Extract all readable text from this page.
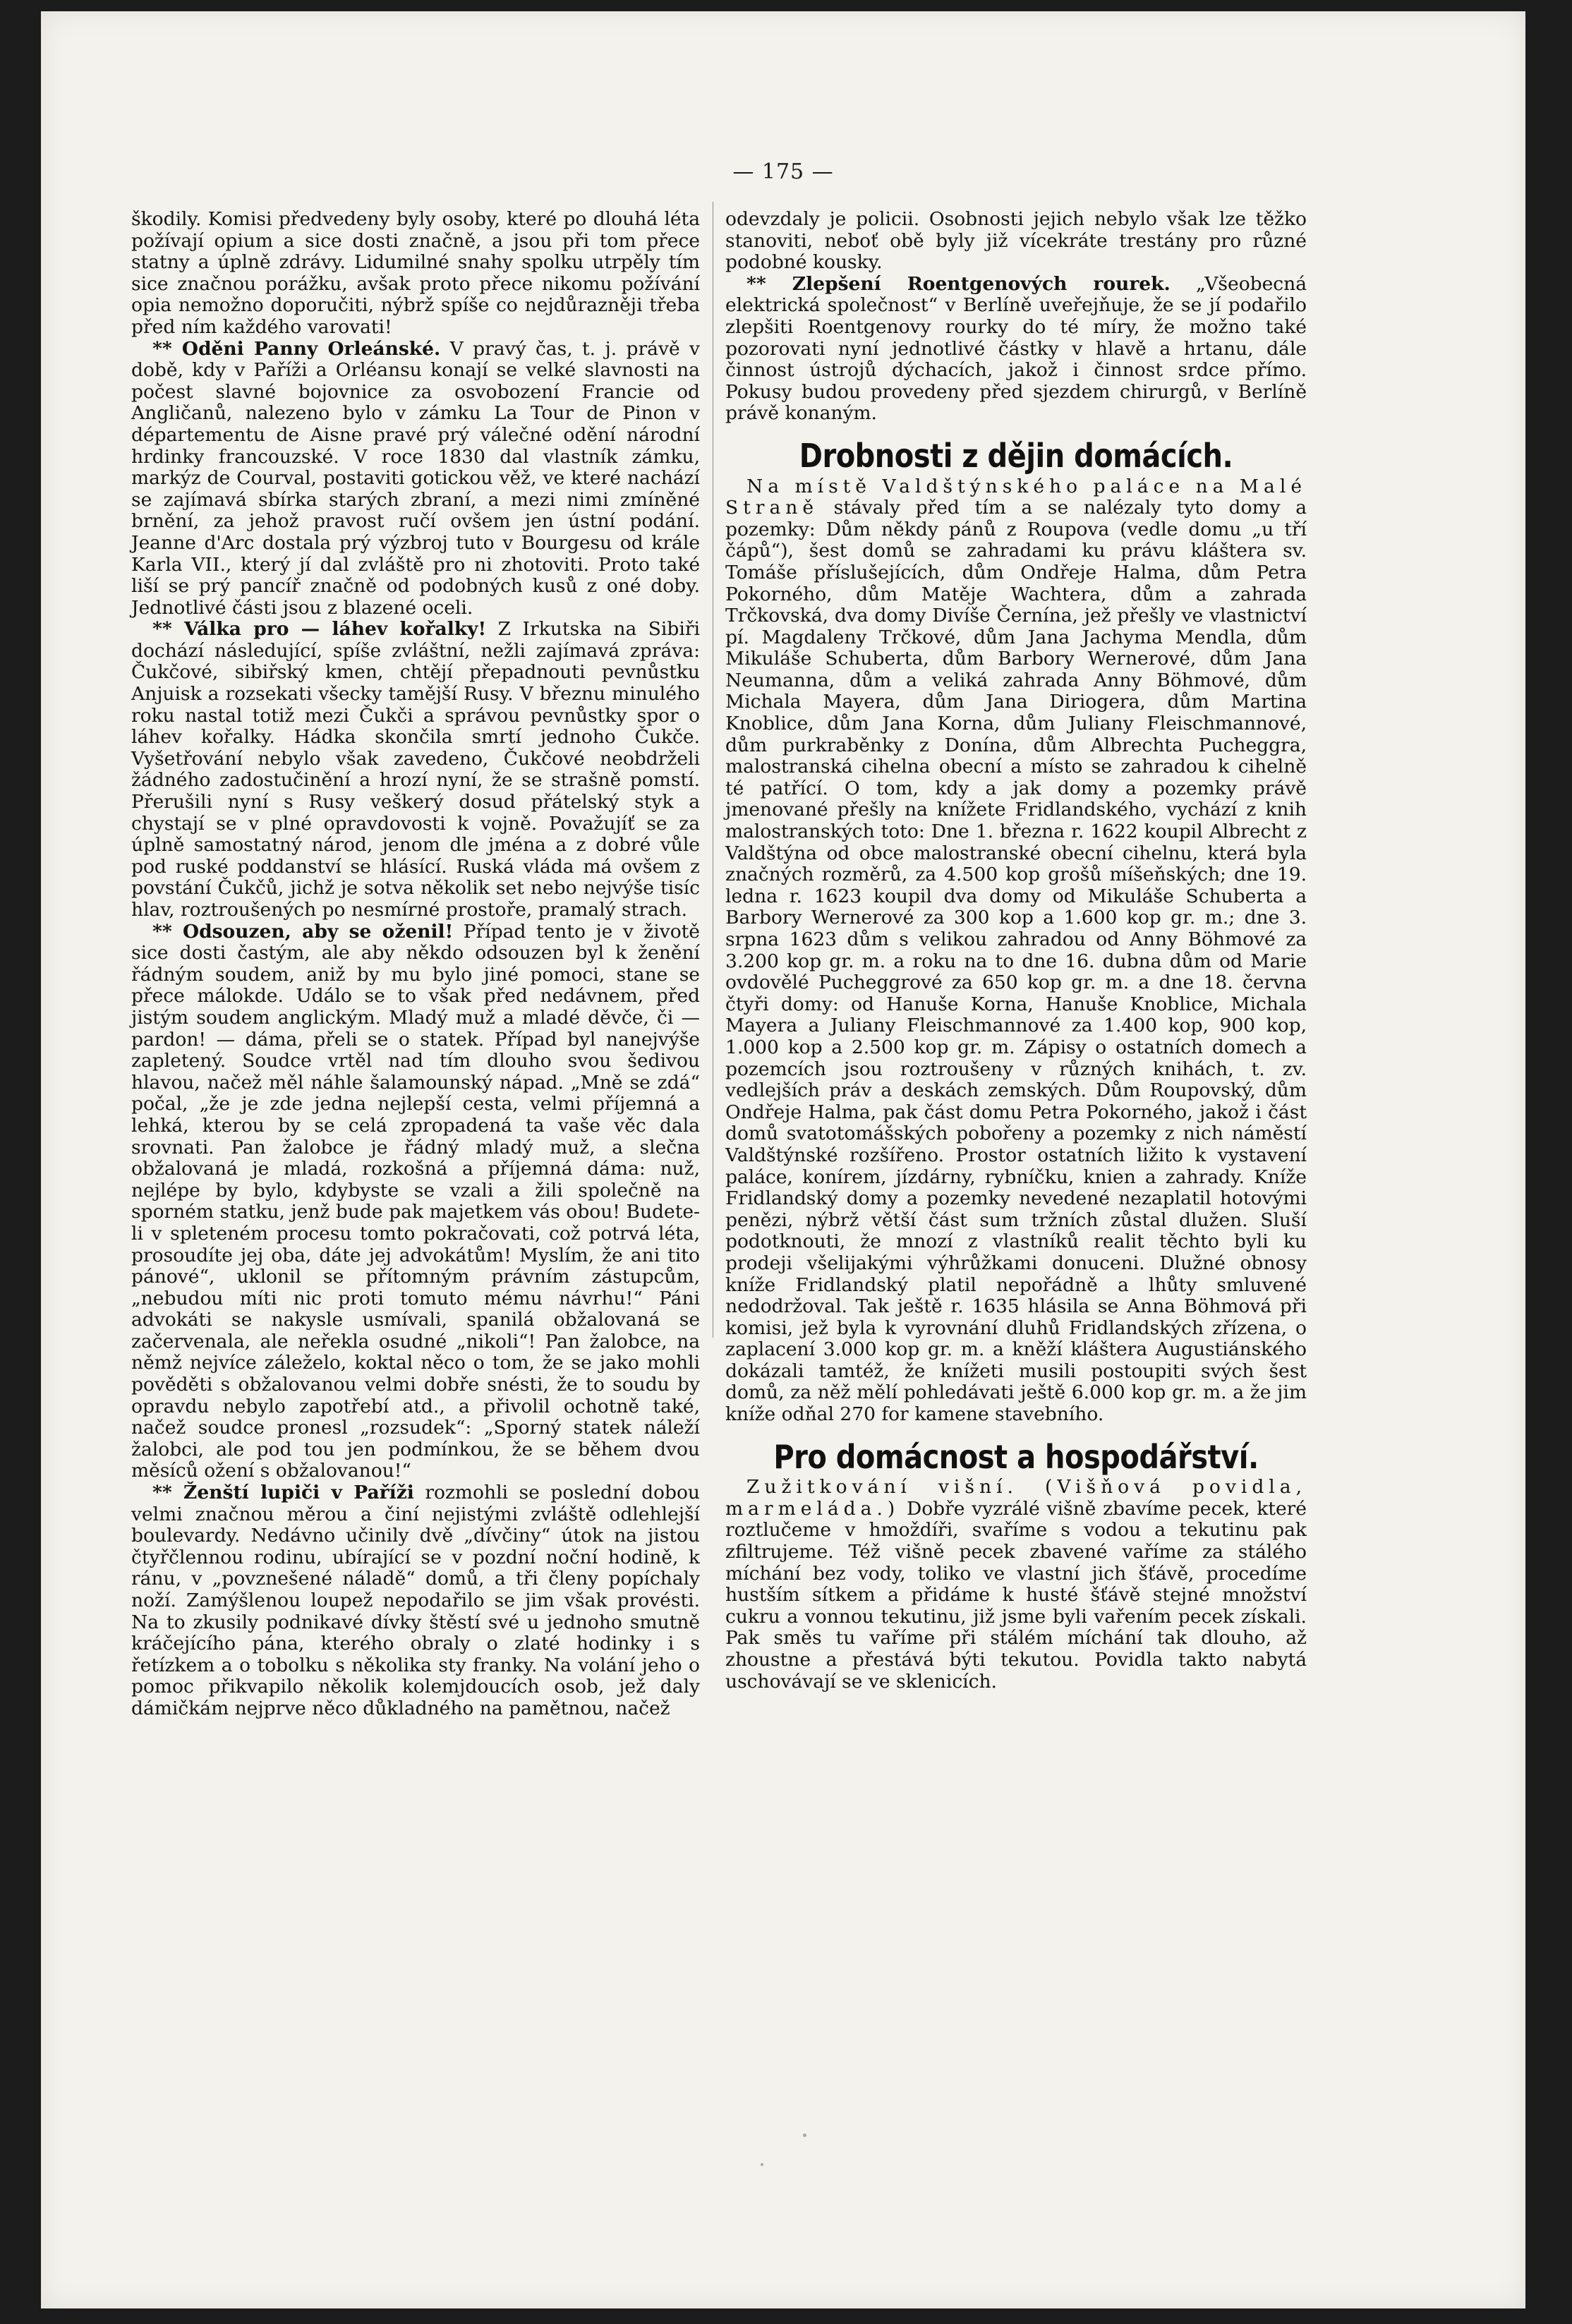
— 175 —

škodily. Komisi předvedeny byly osoby, které po dlouhá léta požívají opium a sice dosti značně, a jsou při tom přece statny a úplně zdrávy. Lidumilné snahy spolku utrpěly tím sice značnou porážku, avšak proto přece nikomu požívání opia nemožno doporučiti, nýbrž spíše co nejdůrazněji třeba před ním každého varovati!

** Oděni Panny Orleánské. V pravý čas, t. j. právě v době, kdy v Paříži a Orléansu konají se velké slavnosti na počest slavné bojovnice za osvobození Francie od Angličanů, nalezeno bylo v zámku La Tour de Pinon v départementu de Aisne pravé prý válečné odění národní hrdinky francouzské. V roce 1830 dal vlastník zámku, markýz de Courval, postaviti gotickou věž, ve které nachází se zajímavá sbírka starých zbraní, a mezi nimi zmíněné brnění, za jehož pravost ručí ovšem jen ústní podání. Jeanne d'Arc dostala prý výzbroj tuto v Bourgesu od krále Karla VII., který jí dal zvláště pro ni zhotoviti. Proto také liší se prý pancíř značně od podobných kusů z oné doby. Jednotlivé části jsou z blazené oceli.

** Válka pro — láhev kořalky! Z Irkutska na Sibiři dochází následující, spíše zvláštní, nežli zajímavá zpráva: Čukčové, sibiřský kmen, chtějí přepadnouti pevnůstku Anjuisk a rozsekati všecky tamější Rusy. V březnu minulého roku nastal totiž mezi Čukči a správou pevnůstky spor o láhev kořalky. Hádka skončila smrtí jednoho Čukče. Vyšetřování nebylo však zavedeno, Čukčové neobdrželi žádného zadostučinění a hrozí nyní, že se strašně pomstí. Přerušili nyní s Rusy veškerý dosud přátelský styk a chystají se v plné opravdovosti k vojně. Považujíť se za úplně samostatný národ, jenom dle jména a z dobré vůle pod ruské poddanství se hlásící. Ruská vláda má ovšem z povstání Čukčů, jichž je sotva několik set nebo nejvýše tisíc hlav, roztroušených po nesmírné prostoře, pramalý strach.

** Odsouzen, aby se oženil! Případ tento je v životě sice dosti častým, ale aby někdo odsouzen byl k ženění řádným soudem, aniž by mu bylo jiné pomoci, stane se přece málokde. Událo se to však před nedávnem, před jistým soudem anglickým. Mladý muž a mladé děvče, či — pardon! — dáma, přeli se o statek. Případ byl nanejvýše zapletený. Soudce vrtěl nad tím dlouho svou šedivou hlavou, načež měl náhle šalamounský nápad. „Mně se zdá“ počal, „že je zde jedna nejlepší cesta, velmi příjemná a lehká, kterou by se celá zpropadená ta vaše věc dala srovnati. Pan žalobce je řádný mladý muž, a slečna obžalovaná je mladá, rozkošná a příjemná dáma: nuž, nejlépe by bylo, kdybyste se vzali a žili společně na sporném statku, jenž bude pak majetkem vás obou! Budete-li v spleteném procesu tomto pokračovati, což potrvá léta, prosoudíte jej oba, dáte jej advokátům! Myslím, že ani tito pánové“, uklonil se přítomným právním zástupcům, „nebudou míti nic proti tomuto mému návrhu!“ Páni advokáti se nakysle usmívali, spanilá obžalovaná se začervenala, ale neřekla osudné „nikoli“! Pan žalobce, na němž nejvíce záleželo, koktal něco o tom, že se jako mohli pověděti s obžalovanou velmi dobře snésti, že to soudu by opravdu nebylo zapotřebí atd., a přivolil ochotně také, načež soudce pronesl „rozsudek“: „Sporný statek náleží žalobci, ale pod tou jen podmínkou, že se během dvou měsíců ožení s obžalovanou!“

** Ženští lupiči v Paříži rozmohli se poslední dobou velmi značnou měrou a činí nejistými zvláště odlehlejší boulevardy. Nedávno učinily dvě „dívčiny“ útok na jistou čtyřčlennou rodinu, ubírající se v pozdní noční hodině, k ránu, v „povznešené náladě“ domů, a tři členy popíchaly noží. Zamýšlenou loupež nepodařilo se jim však provésti. Na to zkusily podnikavé dívky štěstí své u jednoho smutně kráčejícího pána, kterého obraly o zlaté hodinky i s řetízkem a o tobolku s několika sty franky. Na volání jeho o pomoc přikvapilo několik kolemjdoucích osob, jež daly dámičkám nejprve něco důkladného na pamětnou, načež

odevzdaly je policii. Osobnosti jejich nebylo však lze těžko stanoviti, neboť obě byly již vícekráte trestány pro různé podobné kousky.

** Zlepšení Roentgenových rourek. „Všeobecná elektrická společnost“ v Berlíně uveřejňuje, že se jí podařilo zlepšiti Roentgenovy rourky do té míry, že možno také pozorovati nyní jednotlivé částky v hlavě a hrtanu, dále činnost ústrojů dýchacích, jakož i činnost srdce přímo. Pokusy budou provedeny před sjezdem chirurgů, v Berlíně právě konaným.

Drobnosti z dějin domácích.

Na místě Valdštýnského paláce na Malé Straně stávaly před tím a se nalézaly tyto domy a pozemky: Dům někdy pánů z Roupova (vedle domu „u tří čápů“), šest domů se zahradami ku právu kláštera sv. Tomáše příslušejících, dům Ondřeje Halma, dům Petra Pokorného, dům Matěje Wachtera, dům a zahrada Trčkovská, dva domy Divíše Černína, jež přešly ve vlastnictví pí. Magdaleny Trčkové, dům Jana Jachyma Mendla, dům Mikuláše Schuberta, dům Barbory Wernerové, dům Jana Neumanna, dům a veliká zahrada Anny Böhmové, dům Michala Mayera, dům Jana Diriogera, dům Martina Knoblice, dům Jana Korna, dům Juliany Fleischmannové, dům purkraběnky z Donína, dům Albrechta Pucheggra, malostranská cihelna obecní a místo se zahradou k cihelně té patřící. O tom, kdy a jak domy a pozemky právě jmenované přešly na knížete Fridlandského, vychází z knih malostranských toto: Dne 1. března r. 1622 koupil Albrecht z Valdštýna od obce malostranské obecní cihelnu, která byla značných rozměrů, za 4.500 kop grošů míšeňských; dne 19. ledna r. 1623 koupil dva domy od Mikuláše Schuberta a Barbory Wernerové za 300 kop a 1.600 kop gr. m.; dne 3. srpna 1623 dům s velikou zahradou od Anny Böhmové za 3.200 kop gr. m. a roku na to dne 16. dubna dům od Marie ovdovělé Pucheggrové za 650 kop gr. m. a dne 18. června čtyři domy: od Hanuše Korna, Hanuše Knoblice, Michala Mayera a Juliany Fleischmannové za 1.400 kop, 900 kop, 1.000 kop a 2.500 kop gr. m. Zápisy o ostatních domech a pozemcích jsou roztroušeny v různých knihách, t. zv. vedlejších práv a deskách zemských. Dům Roupovský, dům Ondřeje Halma, pak část domu Petra Pokorného, jakož i část domů svatotomášských pobořeny a pozemky z nich náměstí Valdštýnské rozšířeno. Prostor ostatních ližito k vystavení paláce, konírem, jízdárny, rybníčku, knien a zahrady. Kníže Fridlandský domy a pozemky nevedené nezaplatil hotovými penězi, nýbrž větší část sum tržních zůstal dlužen. Sluší podotknouti, že mnozí z vlastníků realit těchto byli ku prodeji všelijakými výhrůžkami donuceni. Dlužné obnosy kníže Fridlandský platil nepořádně a lhůty smluvené nedodržoval. Tak ještě r. 1635 hlásila se Anna Böhmová při komisi, jež byla k vyrovnání dluhů Fridlandských zřízena, o zaplacení 3.000 kop gr. m. a kněží kláštera Augustiánského dokázali tamtéž, že knížeti musili postoupiti svých šest domů, za něž mělí pohledávati ještě 6.000 kop gr. m. a že jim kníže odňal 270 for kamene stavebního.

Pro domácnost a hospodářství.

Zužitkování višní. (Višňová povidla, marmeláda.) Dobře vyzrálé višně zbavíme pecek, které roztlučeme v hmoždíři, svaříme s vodou a tekutinu pak zfiltrujeme. Též višně pecek zbavené vaříme za stálého míchání bez vody, toliko ve vlastní jich šťávě, procedíme hustším sítkem a přidáme k husté šťávě stejné množství cukru a vonnou tekutinu, již jsme byli vařením pecek získali. Pak směs tu vaříme při stálém míchání tak dlouho, až zhoustne a přestává býti tekutou. Povidla takto nabytá uschovávají se ve sklenicích.
